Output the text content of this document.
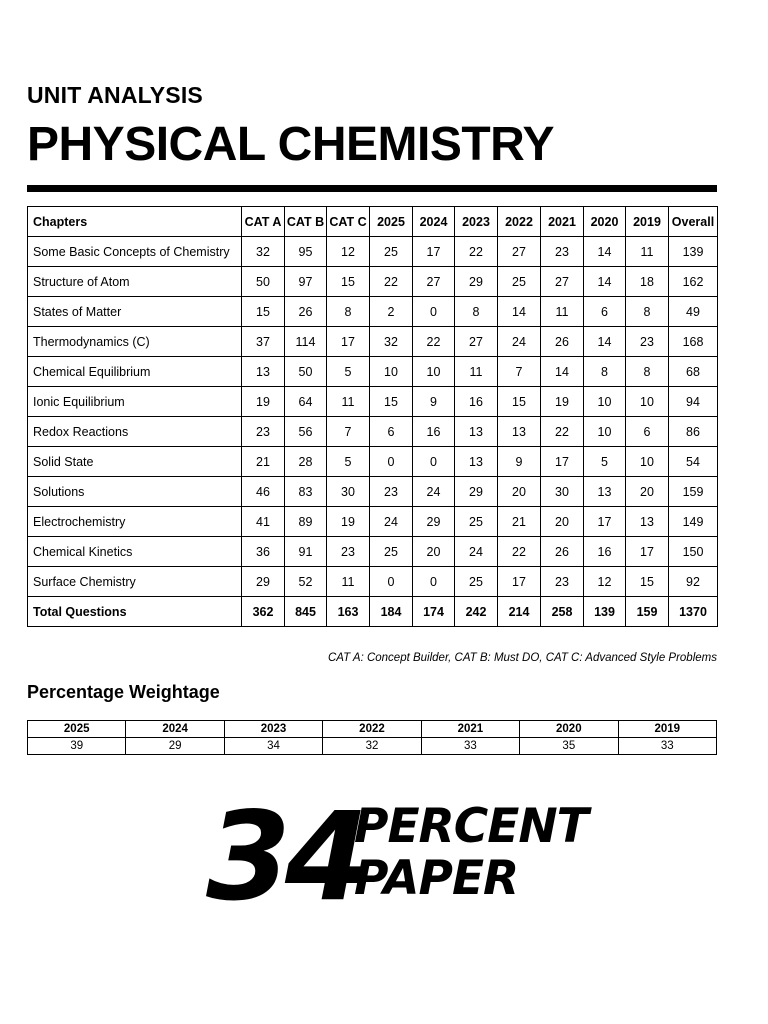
UNIT ANALYSIS
PHYSICAL CHEMISTRY
Chapters	CAT A	CAT B	CAT C	2025	2024	2023	2022	2021	2020	2019	Overall
Some Basic Concepts of Chemistry	32	95	12	25	17	22	27	23	14	11	139
Structure of Atom	50	97	15	22	27	29	25	27	14	18	162
States of Matter	15	26	8	2	0	8	14	11	6	8	49
Thermodynamics (C)	37	114	17	32	22	27	24	26	14	23	168
Chemical Equilibrium	13	50	5	10	10	11	7	14	8	8	68
Ionic Equilibrium	19	64	11	15	9	16	15	19	10	10	94
Redox Reactions	23	56	7	6	16	13	13	22	10	6	86
Solid State	21	28	5	0	0	13	9	17	5	10	54
Solutions	46	83	30	23	24	29	20	30	13	20	159
Electrochemistry	41	89	19	24	29	25	21	20	17	13	149
Chemical Kinetics	36	91	23	25	20	24	22	26	16	17	150
Surface Chemistry	29	52	11	0	0	25	17	23	12	15	92
Total Questions	362	845	163	184	174	242	214	258	139	159	1370
CAT A: Concept Builder, CAT B: Must DO, CAT C: Advanced Style Problems
Percentage Weightage
2025	2024	2023	2022	2021	2020	2019
39	29	34	32	33	35	33
34
PERCENT
PAPER
